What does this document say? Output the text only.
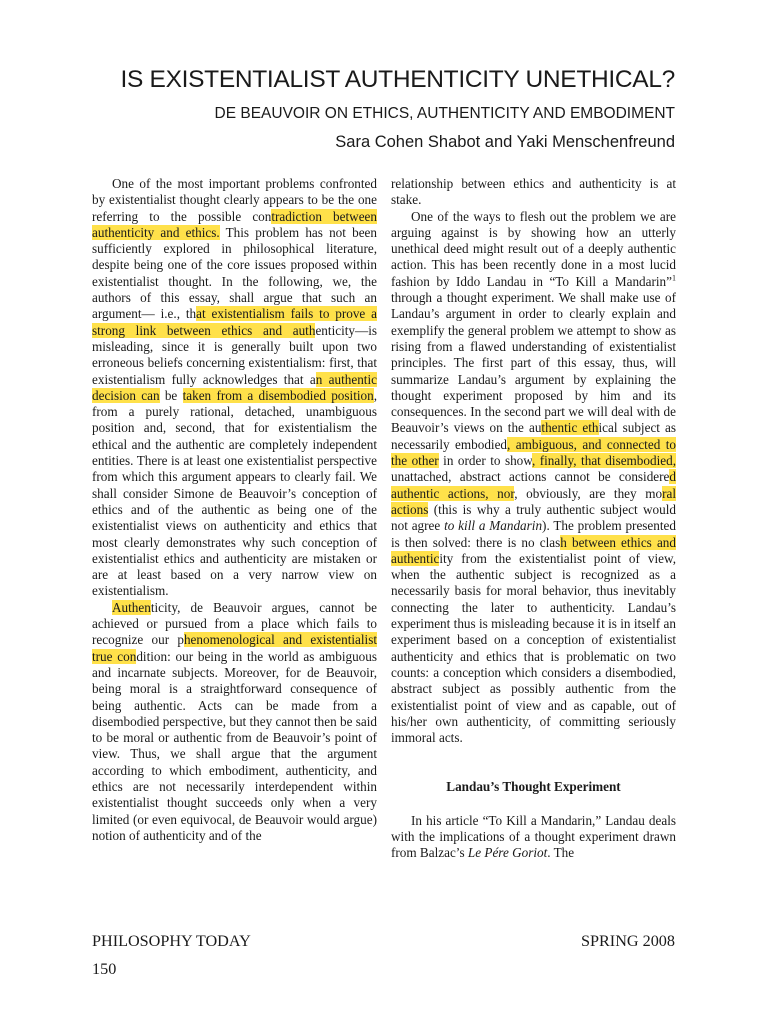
IS EXISTENTIALIST AUTHENTICITY UNETHICAL?
DE BEAUVOIR ON ETHICS, AUTHENTICITY AND EMBODIMENT
Sara Cohen Shabot and Yaki Menschenfreund

One of the most important problems confronted by existentialist thought clearly appears to be the one referring to the possible contradiction between authenticity and ethics. This problem has not been sufficiently explored in philosophical literature, despite being one of the core issues proposed within existentialist thought. In the following, we, the authors of this essay, shall argue that such an argument— i.e., that existentialism fails to prove a strong link between ethics and authenticity—is misleading, since it is generally built upon two erroneous beliefs concerning existentialism: first, that existentialism fully acknowledges that an authentic decision can be taken from a disembodied position, from a purely rational, detached, unambiguous position and, second, that for existentialism the ethical and the authentic are completely independent entities. There is at least one existentialist perspective from which this argument appears to clearly fail. We shall consider Simone de Beauvoir’s conception of ethics and of the authentic as being one of the existentialist views on authenticity and ethics that most clearly demonstrates why such conception of existentialist ethics and authenticity are mistaken or are at least based on a very narrow view on existentialism.

Authenticity, de Beauvoir argues, cannot be achieved or pursued from a place which fails to recognize our phenomenological and existentialist true condition: our being in the world as ambiguous and incarnate subjects. Moreover, for de Beauvoir, being moral is a straightforward consequence of being authentic. Acts can be made from a disembodied perspective, but they cannot then be said to be moral or authentic from de Beauvoir’s point of view. Thus, we shall argue that the argument according to which embodiment, authenticity, and ethics are not necessarily interdependent within existentialist thought succeeds only when a very limited (or even equivocal, de Beauvoir would argue) notion of authenticity and of the

relationship between ethics and authenticity is at stake.

One of the ways to flesh out the problem we are arguing against is by showing how an utterly unethical deed might result out of a deeply authentic action. This has been recently done in a most lucid fashion by Iddo Landau in “To Kill a Mandarin”$^1$ through a thought experiment. We shall make use of Landau’s argument in order to clearly explain and exemplify the general problem we attempt to show as rising from a flawed understanding of existentialist principles. The first part of this essay, thus, will summarize Landau’s argument by explaining the thought experiment proposed by him and its consequences. In the second part we will deal with de Beauvoir’s views on the authentic ethical subject as necessarily embodied, ambiguous, and connected to the other in order to show, finally, that disembodied, unattached, abstract actions cannot be considered authentic actions, nor, obviously, are they moral actions (this is why a truly authentic subject would not agree to kill a Mandarin). The problem presented is then solved: there is no clash between ethics and authenticity from the existentialist point of view, when the authentic subject is recognized as a necessarily basis for moral behavior, thus inevitably connecting the later to authenticity. Landau’s experiment thus is misleading because it is in itself an experiment based on a conception of existentialist authenticity and ethics that is problematic on two counts: a conception which considers a disembodied, abstract subject as possibly authentic from the existentialist point of view and as capable, out of his/her own authenticity, of committing seriously immoral acts.

Landau’s Thought Experiment

In his article “To Kill a Mandarin,” Landau deals with the implications of a thought experiment drawn from Balzac’s Le Pére Goriot. The

PHILOSOPHY TODAY	SPRING 2008
150
